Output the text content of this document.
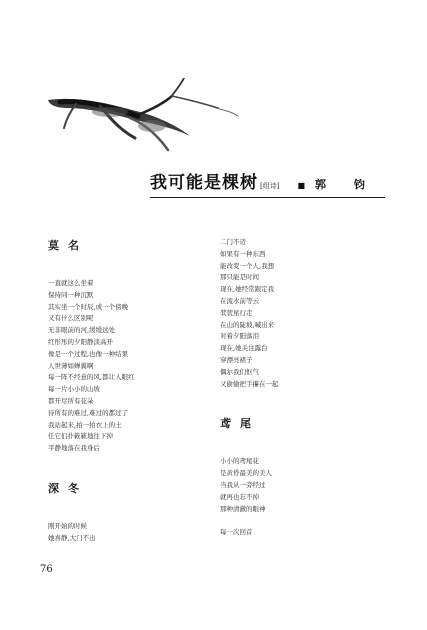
我可能是棵树 [组诗] ■ 郭 钧
莫名
一直就这么坐着
保持同一种沉默
其实坐一个时辰,或一个傍晚
又有什么区别呢
无非眼前的河,缓缓远处
红彤彤的夕阳静淡高开
像是一个过程,也像一种结果
人世薄如蝉翼啊
每一阵不经意的风,都让人眼红
每一片小小的山坡
都开尽所有花朵
待所有的难过,难过的都过了
我站起来,拍一拍衣上的土
任它们扑簌簌地往下掉
平静地落在我身后
深冬
刚开始的时候
她喜静,大门不出
二门不迈
如果有一种东西
能改变一个人,我想
那只能是时间
现在,她经常跟定我
在流水前等云
茕茕星行走
在山的陡坡,喊出来
对着夕阳落泪
现在,她关注露台
穿漂亮裙子
偶尔我们怄气
又偷偷把手攥在一起
鸢尾
小小的鸢尾花
是黄昏最美的美人
当我从一旁经过
就再也忘不掉
那种清澈的眼神
每一次回首
76
